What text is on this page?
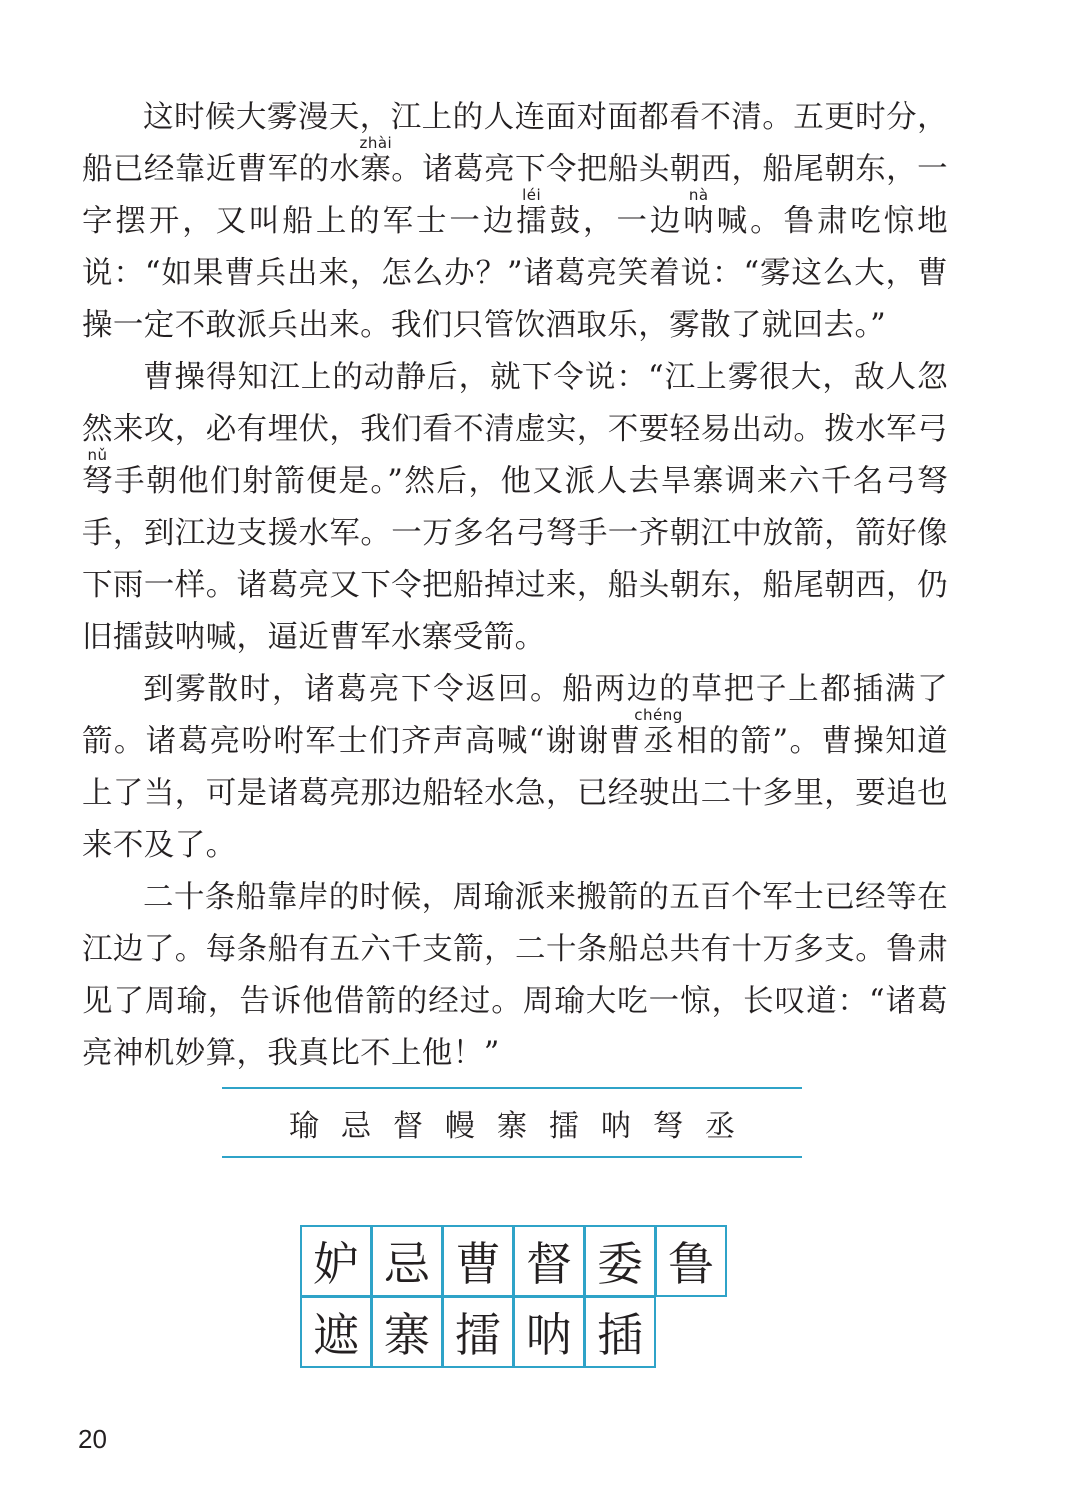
这时候大雾漫天，江上的人连面对面都看不清。五更时分，船已经靠近曹军的水寨zhài。诸葛亮下令把船头朝西，船尾朝东，一字摆开，又叫船上的军士一边擂léi鼓，一边呐nà喊。鲁肃吃惊地说：“如果曹兵出来，怎么办？”诸葛亮笑着说：“雾这么大，曹操一定不敢派兵出来。我们只管饮酒取乐，雾散了就回去。”

曹操得知江上的动静后，就下令说：“江上雾很大，敌人忽然来攻，必有埋伏，我们看不清虚实，不要轻易出动。拨水军弓弩nǔ手朝他们射箭便是。”然后，他又派人去旱寨调来六千名弓弩手，到江边支援水军。一万多名弓弩手一齐朝江中放箭，箭好像下雨一样。诸葛亮又下令把船掉过来，船头朝东，船尾朝西，仍旧擂鼓呐喊，逼近曹军水寨受箭。

到雾散时，诸葛亮下令返回。船两边的草把子上都插满了箭。诸葛亮吩咐军士们齐声高喊“谢谢曹丞chéng相的箭”。曹操知道上了当，可是诸葛亮那边船轻水急，已经驶出二十多里，要追也来不及了。

二十条船靠岸的时候，周瑜派来搬箭的五百个军士已经等在江边了。每条船有五六千支箭，二十条船总共有十万多支。鲁肃见了周瑜，告诉他借箭的经过。周瑜大吃一惊，长叹道：“诸葛亮神机妙算，我真比不上他！”

瑜 忌 督 幔 寨 擂 呐 弩 丞
妒 忌 曹 督 委 鲁
遮 寨 擂 呐 插
20
